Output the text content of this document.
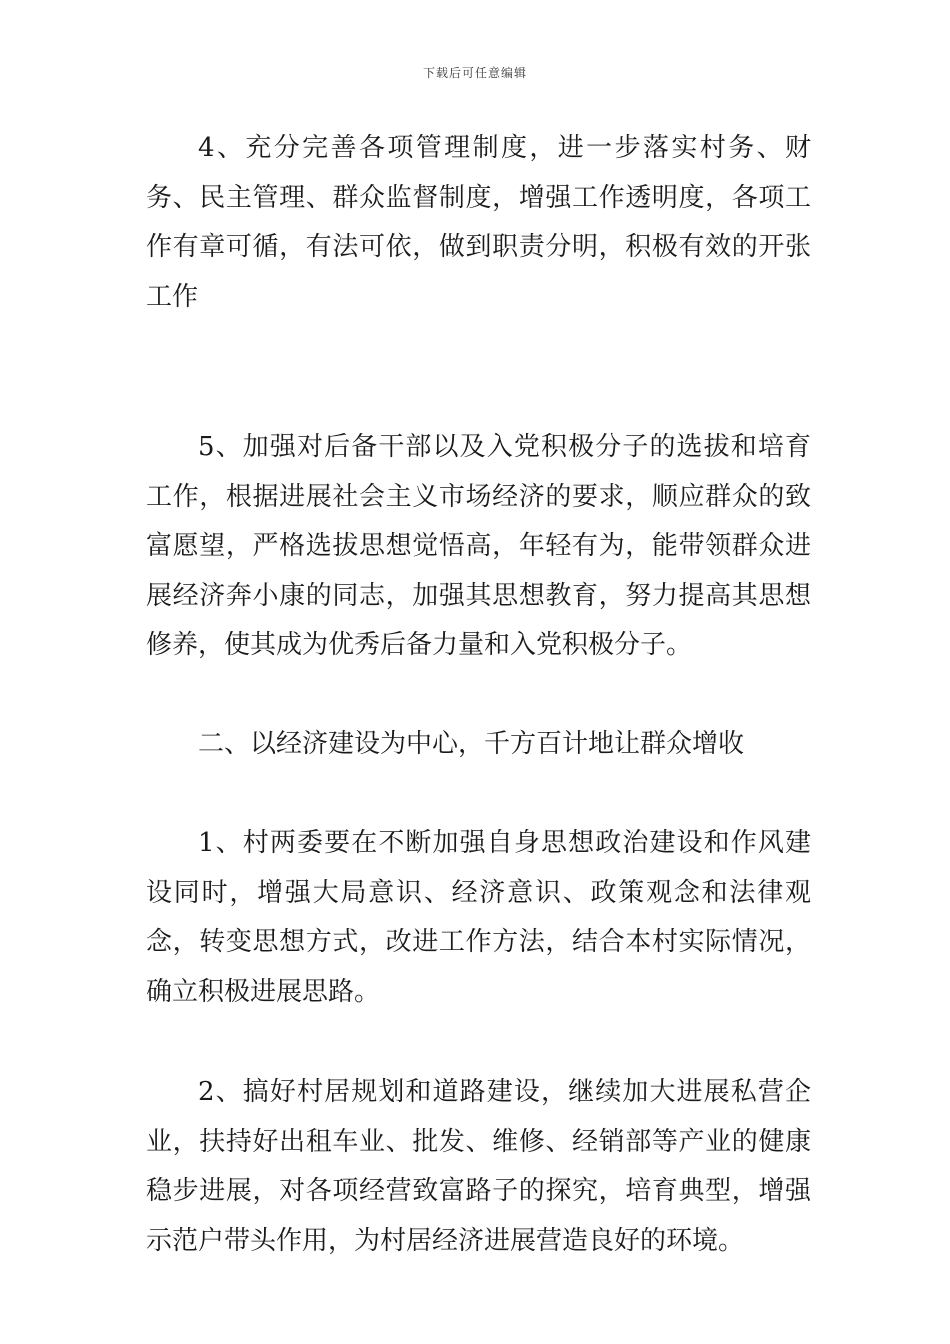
下载后可任意编辑

4、充分完善各项管理制度，进一步落实村务、财务、民主管理、群众监督制度，增强工作透明度，各项工作有章可循，有法可依，做到职责分明，积极有效的开张工作

5、加强对后备干部以及入党积极分子的选拔和培育工作，根据进展社会主义市场经济的要求，顺应群众的致富愿望，严格选拔思想觉悟高，年轻有为，能带领群众进展经济奔小康的同志，加强其思想教育，努力提高其思想修养，使其成为优秀后备力量和入党积极分子。

二、以经济建设为中心，千方百计地让群众增收

1、村两委要在不断加强自身思想政治建设和作风建设同时，增强大局意识、经济意识、政策观念和法律观念，转变思想方式，改进工作方法，结合本村实际情况，确立积极进展思路。

2、搞好村居规划和道路建设，继续加大进展私营企业，扶持好出租车业、批发、维修、经销部等产业的健康稳步进展，对各项经营致富路子的探究，培育典型，增强示范户带头作用，为村居经济进展营造良好的环境。
